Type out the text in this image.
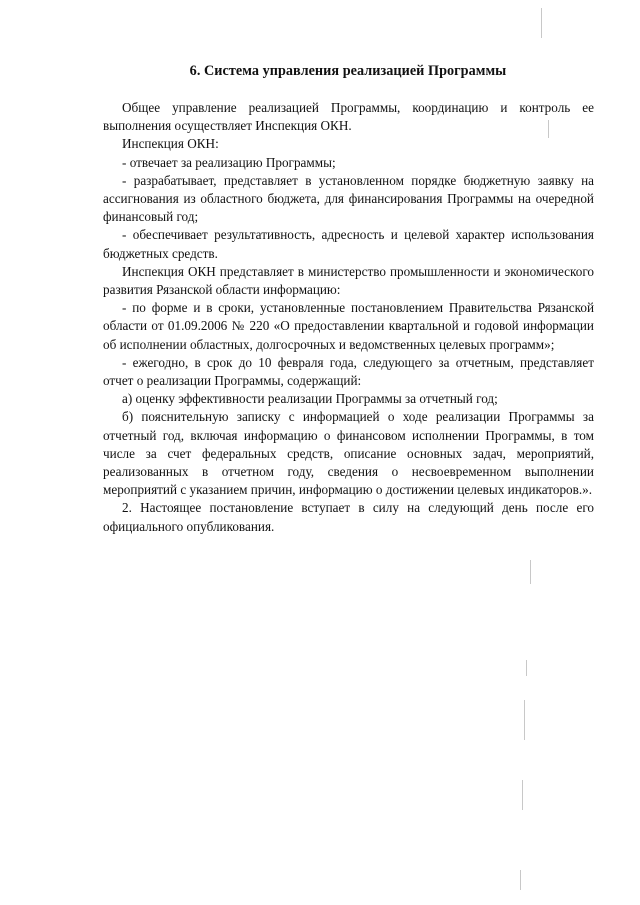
6. Система управления реализацией Программы

Общее управление реализацией Программы, координацию и контроль ее выполнения осуществляет Инспекция ОКН.

Инспекция ОКН:

- отвечает за реализацию Программы;

- разрабатывает, представляет в установленном порядке бюджетную заявку на ассигнования из областного бюджета, для финансирования Программы на очередной финансовый год;

- обеспечивает результативность, адресность и целевой характер использования бюджетных средств.

Инспекция ОКН представляет в министерство промышленности и экономического развития Рязанской области информацию:

- по форме и в сроки, установленные постановлением Правительства Рязанской области от 01.09.2006 № 220 «О предоставлении квартальной и годовой информации об исполнении областных, долгосрочных и ведомственных целевых программ»;

- ежегодно, в срок до 10 февраля года, следующего за отчетным, представляет отчет о реализации Программы, содержащий:

а) оценку эффективности реализации Программы за отчетный год;

б) пояснительную записку с информацией о ходе реализации Программы за отчетный год, включая информацию о финансовом исполнении Программы, в том числе за счет федеральных средств, описание основных задач, мероприятий, реализованных в отчетном году, сведения о несвоевременном выполнении мероприятий с указанием причин, информацию о достижении целевых индикаторов.».

2. Настоящее постановление вступает в силу на следующий день после его официального опубликования.
